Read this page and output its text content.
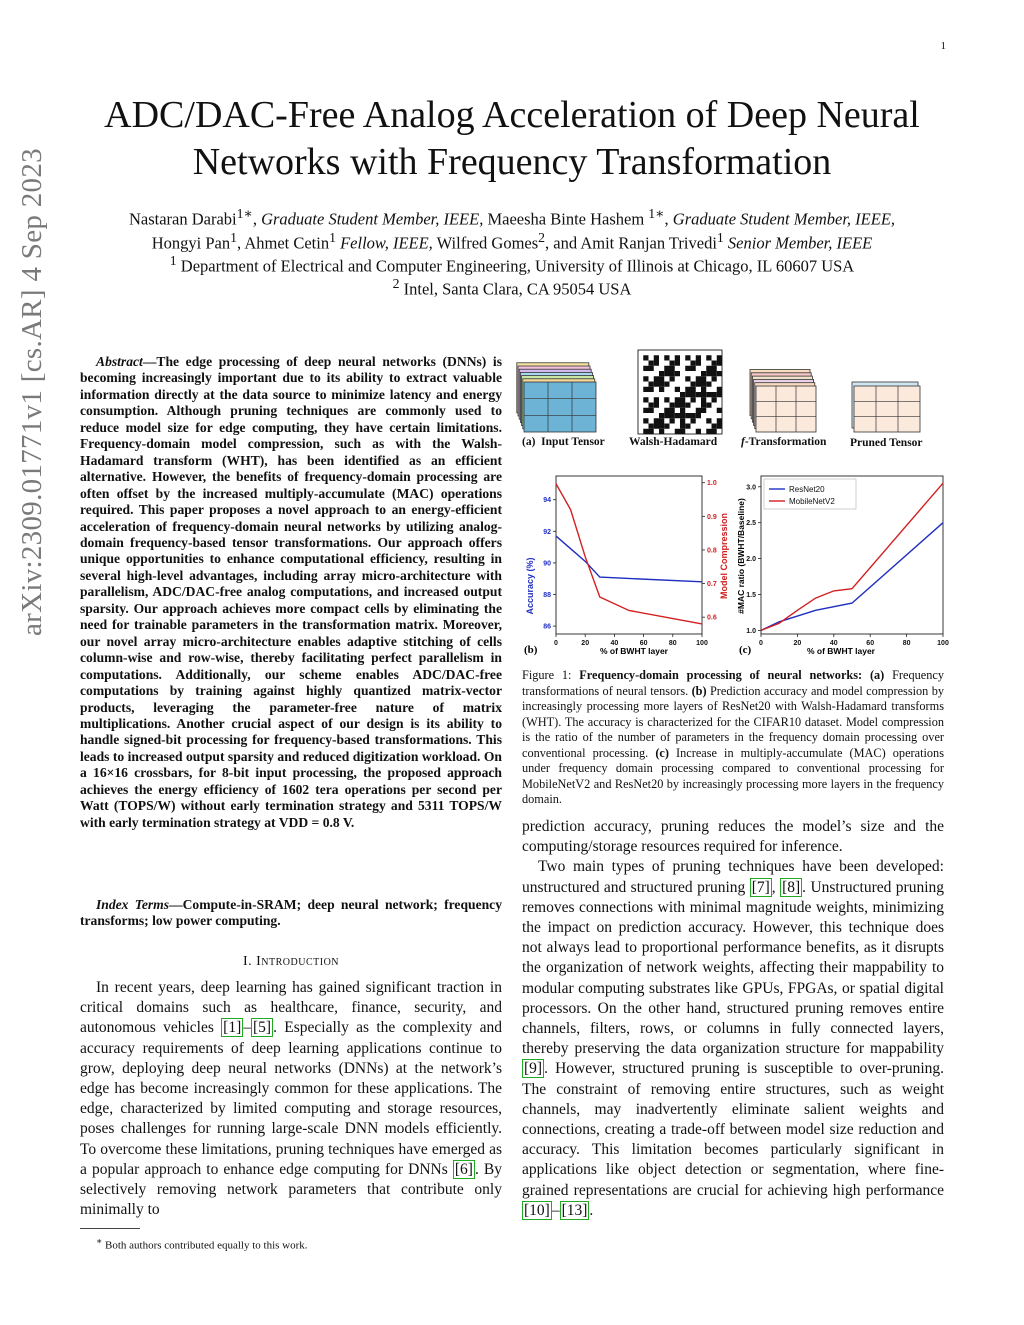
1
arXiv:2309.01771v1 [cs.AR] 4 Sep 2023
ADC/DAC-Free Analog Acceleration of Deep Neural Networks with Frequency Transformation
Nastaran Darabi$^{1∗}$, Graduate Student Member, IEEE, Maeesha Binte Hashem $^{1∗}$, Graduate Student Member, IEEE,
Hongyi Pan$^1$, Ahmet Cetin$^1$ Fellow, IEEE, Wilfred Gomes$^2$, and Amit Ranjan Trivedi$^1$ Senior Member, IEEE
$^1$ Department of Electrical and Computer Engineering, University of Illinois at Chicago, IL 60607 USA
$^2$ Intel, Santa Clara, CA 95054 USA
Abstract—The edge processing of deep neural networks (DNNs) is becoming increasingly important due to its ability to extract valuable information directly at the data source to minimize latency and energy consumption. Although pruning techniques are commonly used to reduce model size for edge computing, they have certain limitations. Frequency-domain model compression, such as with the Walsh-Hadamard transform (WHT), has been identified as an efficient alternative. However, the benefits of frequency-domain processing are often offset by the increased multiply-accumulate (MAC) operations required. This paper proposes a novel approach to an energy-efficient acceleration of frequency-domain neural networks by utilizing analog-domain frequency-based tensor transformations. Our approach offers unique opportunities to enhance computational efficiency, resulting in several high-level advantages, including array micro-architecture with parallelism, ADC/DAC-free analog computations, and increased output sparsity. Our approach achieves more compact cells by eliminating the need for trainable parameters in the transformation matrix. Moreover, our novel array micro-architecture enables adaptive stitching of cells column-wise and row-wise, thereby facilitating perfect parallelism in computations. Additionally, our scheme enables ADC/DAC-free computations by training against highly quantized matrix-vector products, leveraging the parameter-free nature of matrix multiplications. Another crucial aspect of our design is its ability to handle signed-bit processing for frequency-based transformations. This leads to increased output sparsity and reduced digitization workload. On a 16×16 crossbars, for 8-bit input processing, the proposed approach achieves the energy efficiency of 1602 tera operations per second per Watt (TOPS/W) without early termination strategy and 5311 TOPS/W with early termination strategy at VDD = 0.8 V.
Index Terms—Compute-in-SRAM; deep neural network; frequency transforms; low power computing.
I. Introduction

In recent years, deep learning has gained significant traction in critical domains such as healthcare, finance, security, and autonomous vehicles [1] – [5] . Especially as the complexity and accuracy requirements of deep learning applications continue to grow, deploying deep neural networks (DNNs) at the network’s edge has become increasingly common for these applications. The edge, characterized by limited computing and storage resources, poses challenges for running large-scale DNN models efficiently. To overcome these limitations, pruning techniques have emerged as a popular approach to enhance edge computing for DNNs [6] . By selectively removing network parameters that contribute only minimally to

∗ Both authors contributed equally to this work.
(a) Input Tensor Walsh-Hadamard f-Transformation Pruned Tensor
Accuracy (%)	Model Compression
% of BWHT layer
(b)
0	20	40	60	80	100
86
88
90
92
94
0.6
0.7
0.8
0.9
1.0
#MAC ratio (BWHT/Baseline)
% of BWHT layer
(c)
0	20	40	60	80	100
1.0
1.5
2.0
2.5
3.0	ResNet20
MobileNetV2
Figure 1: Frequency-domain processing of neural networks: (a) Frequency transformations of neural tensors. (b) Prediction accuracy and model compression by increasingly processing more layers of ResNet20 with Walsh-Hadamard transforms (WHT). The accuracy is characterized for the CIFAR10 dataset. Model compression is the ratio of the number of parameters in the frequency domain processing over conventional processing. (c) Increase in multiply-accumulate (MAC) operations under frequency domain processing compared to conventional processing for MobileNetV2 and ResNet20 by increasingly processing more layers in the frequency domain.

prediction accuracy, pruning reduces the model’s size and the computing/storage resources required for inference.

Two main types of pruning techniques have been developed: unstructured and structured pruning [7] , [8] . Unstructured pruning removes connections with minimal magnitude weights, minimizing the impact on prediction accuracy. However, this technique does not always lead to proportional performance benefits, as it disrupts the organization of network weights, affecting their mappability to modular computing substrates like GPUs, FPGAs, or spatial digital processors. On the other hand, structured pruning removes entire channels, filters, rows, or columns in fully connected layers, thereby preserving the data organization structure for mappability [9] . However, structured pruning is susceptible to over-pruning. The constraint of removing entire structures, such as weight channels, may inadvertently eliminate salient weights and connections, creating a trade-off between model size reduction and accuracy. This limitation becomes particularly significant in applications like object detection or segmentation, where fine-grained representations are crucial for achieving high performance [10] – [13] .
